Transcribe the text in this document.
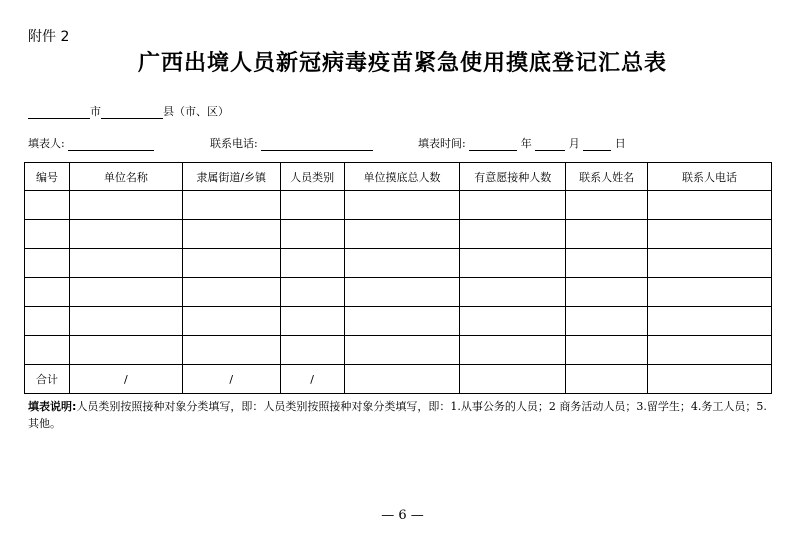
附件 2
广西出境人员新冠病毒疫苗紧急使用摸底登记汇总表
市	县（市、区）
填表人:	联系电话:	填表时间:	年	月	日
编号	单位名称	隶属街道/乡镇	人员类别	单位摸底总人数	有意愿接种人数	联系人姓名	联系人电话

合计	/	/	/				
填表说明:人员类别按照接种对象分类填写，即：人员类别按照接种对象分类填写，即：1.从事公务的人员；2 商务活动人员；3.留学生；4.务工人员；5.其他。
— 6 —
